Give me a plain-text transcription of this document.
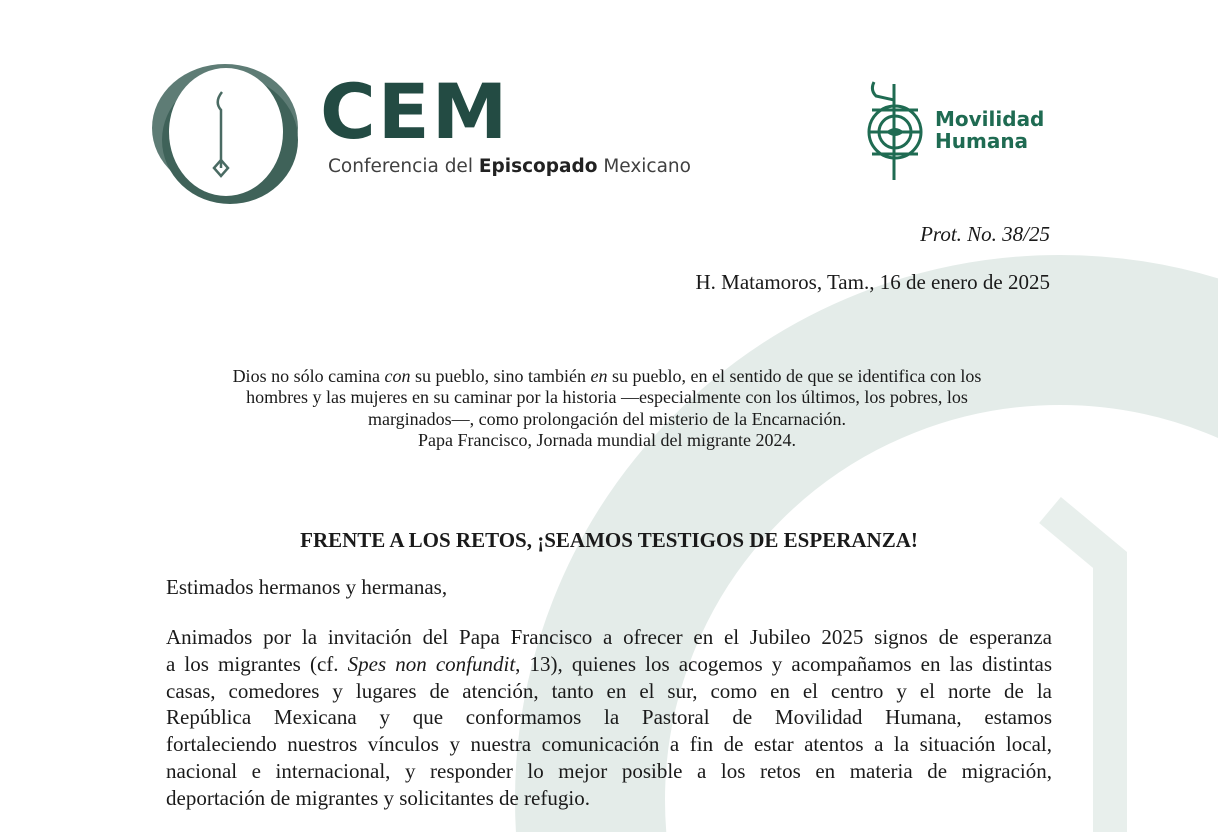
CEM
Conferencia del Episcopado Mexicano
Movilidad
Humana
Prot. No. 38/25
H. Matamoros, Tam., 16 de enero de 2025
Dios no sólo camina con su pueblo, sino también en su pueblo, en el sentido de que se identifica con los
hombres y las mujeres en su caminar por la historia —especialmente con los últimos, los pobres, los
marginados—, como prolongación del misterio de la Encarnación.
Papa Francisco, Jornada mundial del migrante 2024.
FRENTE A LOS RETOS, ¡SEAMOS TESTIGOS DE ESPERANZA!
Estimados hermanos y hermanas,
Animados por la invitación del Papa Francisco a ofrecer en el Jubileo 2025 signos de esperanza
a los migrantes (cf. Spes non confundit, 13), quienes los acogemos y acompañamos en las distintas
casas, comedores y lugares de atención, tanto en el sur, como en el centro y el norte de la
República Mexicana y que conformamos la Pastoral de Movilidad Humana, estamos
fortaleciendo nuestros vínculos y nuestra comunicación a fin de estar atentos a la situación local,
nacional e internacional, y responder lo mejor posible a los retos en materia de migración,
deportación de migrantes y solicitantes de refugio.
